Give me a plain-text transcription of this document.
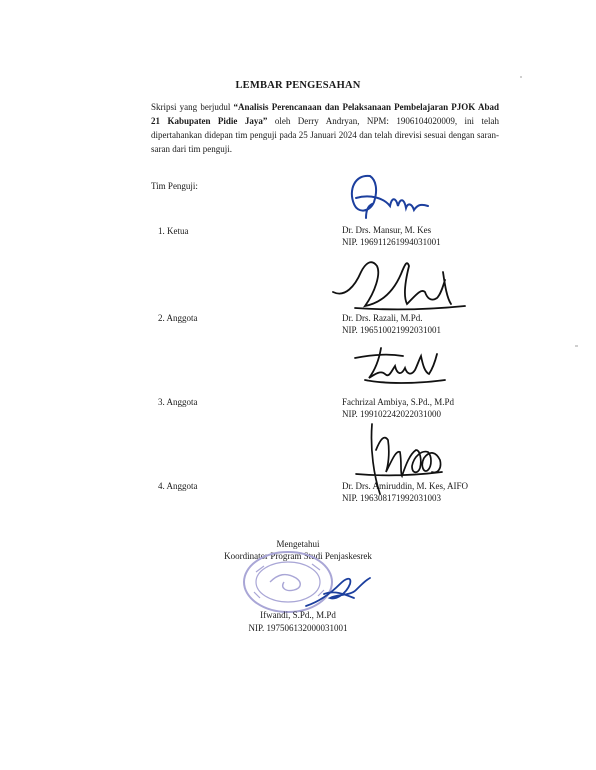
LEMBAR PENGESAHAN
Skripsi yang berjudul “Analisis Perencanaan dan Pelaksanaan Pembelajaran PJOK Abad 21 Kabupaten Pidie Jaya” oleh Derry Andryan, NPM: 1906104020009, ini telah dipertahankan didepan tim penguji pada 25 Januari 2024 dan telah direvisi sesuai dengan saran-saran dari tim penguji.
Tim Penguji:
1. Ketua	Dr. Drs. Mansur, M. Kes
NIP. 196911261994031001
2. Anggota	Dr. Drs. Razali, M.Pd.
NIP. 196510021992031001
3. Anggota	Fachrizal Ambiya, S.Pd., M.Pd
NIP. 199102242022031000
4. Anggota	Dr. Drs. Amiruddin, M. Kes, AIFO
NIP. 196308171992031003
Mengetahui
Koordinator Program Studi Penjaskesrek
Ifwandi, S.Pd., M.Pd
NIP. 197506132000031001
